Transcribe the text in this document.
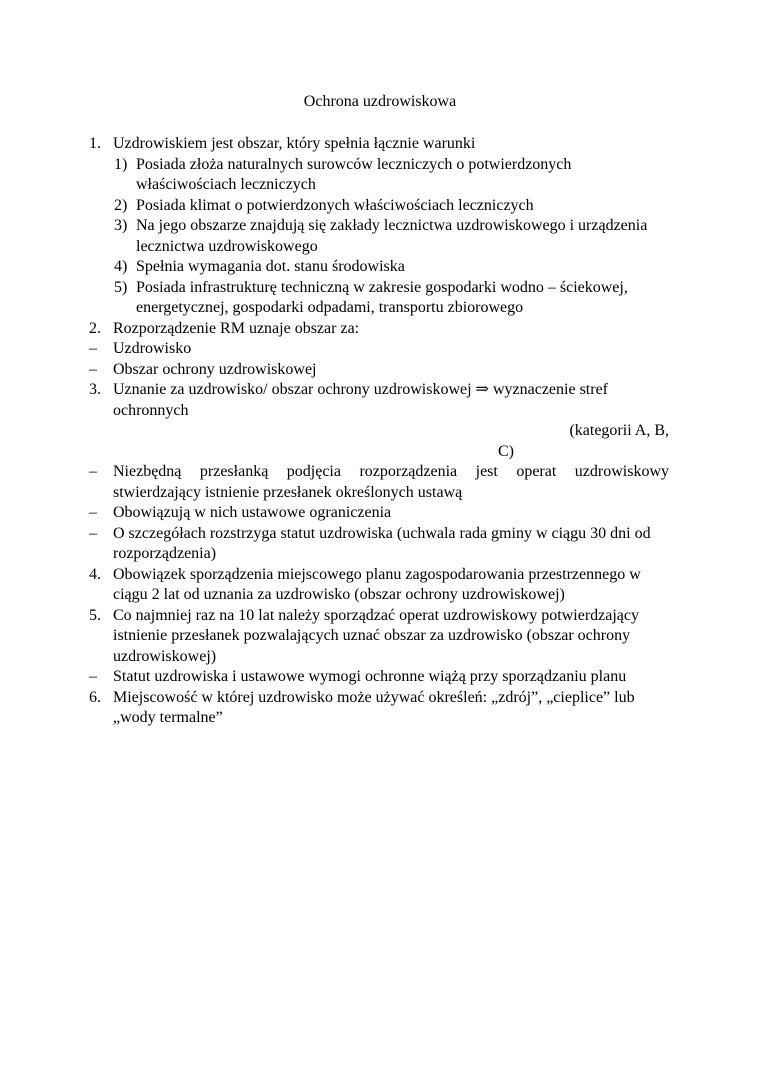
Ochrona uzdrowiskowa
1. Uzdrowiskiem jest obszar, który spełnia łącznie warunki
1) Posiada złoża naturalnych surowców leczniczych o potwierdzonych właściwościach leczniczych
2) Posiada klimat o potwierdzonych właściwościach leczniczych
3) Na jego obszarze znajdują się zakłady lecznictwa uzdrowiskowego i urządzenia lecznictwa uzdrowiskowego
4) Spełnia wymagania dot. stanu środowiska
5) Posiada infrastrukturę techniczną w zakresie gospodarki wodno – ściekowej, energetycznej, gospodarki odpadami, transportu zbiorowego
2. Rozporządzenie RM uznaje obszar za:
–	Uzdrowisko
–	Obszar ochrony uzdrowiskowej
3. Uznanie za uzdrowisko/ obszar ochrony uzdrowiskowej ⇒ wyznaczenie stref ochronnych
(kategorii A, B,
C)
–	Niezbędną przesłanką podjęcia rozporządzenia jest operat uzdrowiskowy stwierdzający istnienie przesłanek określonych ustawą
–	Obowiązują w nich ustawowe ograniczenia
–	O szczegółach rozstrzyga statut uzdrowiska (uchwala rada gminy w ciągu 30 dni od rozporządzenia)
4. Obowiązek sporządzenia miejscowego planu zagospodarowania przestrzennego w ciągu 2 lat od uznania za uzdrowisko (obszar ochrony uzdrowiskowej)
5. Co najmniej raz na 10 lat należy sporządzać operat uzdrowiskowy potwierdzający istnienie przesłanek pozwalających uznać obszar za uzdrowisko (obszar ochrony uzdrowiskowej)
–	Statut uzdrowiska i ustawowe wymogi ochronne wiążą przy sporządzaniu planu
6. Miejscowość w której uzdrowisko może używać określeń: „zdrój”, „cieplice” lub „wody termalne”
